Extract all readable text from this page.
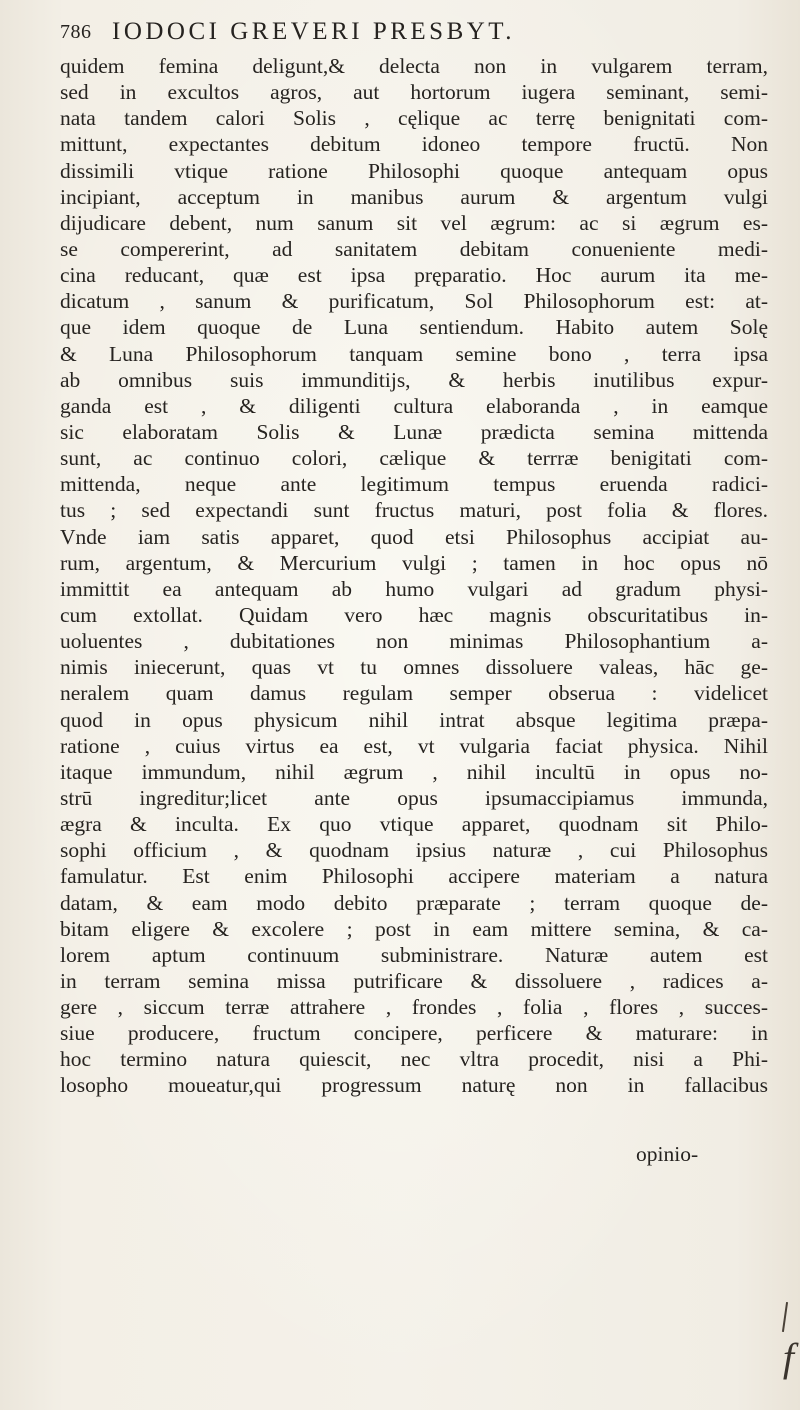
786 IODOCI GREVERI PRESBYT.
quidem femina deligunt,& delecta non in vulgarem terram,
sed in excultos agros, aut hortorum iugera seminant, semi-
nata tandem calori Solis , cęlique ac terrę benignitati com-
mittunt, expectantes debitum idoneo tempore fructū. Non
dissimili vtique ratione Philosophi quoque antequam opus
incipiant, acceptum in manibus aurum & argentum vulgi
dijudicare debent, num sanum sit vel ægrum: ac si ægrum es-
se compererint, ad sanitatem debitam conueniente medi-
cina reducant, quæ est ipsa pręparatio. Hoc aurum ita me-
dicatum , sanum & purificatum, Sol Philosophorum est: at-
que idem quoque de Luna sentiendum. Habito autem Solę
& Luna Philosophorum tanquam semine bono , terra ipsa
ab omnibus suis immunditijs, & herbis inutilibus expur-
ganda est , & diligenti cultura elaboranda , in eamque
sic elaboratam Solis & Lunæ prædicta semina mittenda
sunt, ac continuo colori, cælique & terrræ benigitati com-
mittenda, neque ante legitimum tempus eruenda radici-
tus ; sed expectandi sunt fructus maturi, post folia & flores.
Vnde iam satis apparet, quod etsi Philosophus accipiat au-
rum, argentum, & Mercurium vulgi ; tamen in hoc opus nō
immittit ea antequam ab humo vulgari ad gradum physi-
cum extollat. Quidam vero hæc magnis obscuritatibus in-
uoluentes , dubitationes non minimas Philosophantium a-
nimis iniecerunt, quas vt tu omnes dissoluere valeas, hāc ge-
neralem quam damus regulam semper obserua : videlicet
quod in opus physicum nihil intrat absque legitima præpa-
ratione , cuius virtus ea est, vt vulgaria faciat physica. Nihil
itaque immundum, nihil ægrum , nihil incultū in opus no-
strū ingreditur;licet ante opus ipsumaccipiamus immunda,
ægra & inculta. Ex quo vtique apparet, quodnam sit Philo-
sophi officium , & quodnam ipsius naturæ , cui Philosophus
famulatur. Est enim Philosophi accipere materiam a natura
datam, & eam modo debito præparate ; terram quoque de-
bitam eligere & excolere ; post in eam mittere semina, & ca-
lorem aptum continuum subministrare. Naturæ autem est
in terram semina missa putrificare & dissoluere , radices a-
gere , siccum terræ attrahere , frondes , folia , flores , succes-
siue producere, fructum concipere, perficere & maturare: in
hoc termino natura quiescit, nec vltra procedit, nisi a Phi-
losopho moueatur,qui progressum naturę non in fallacibus
opinio-
f
